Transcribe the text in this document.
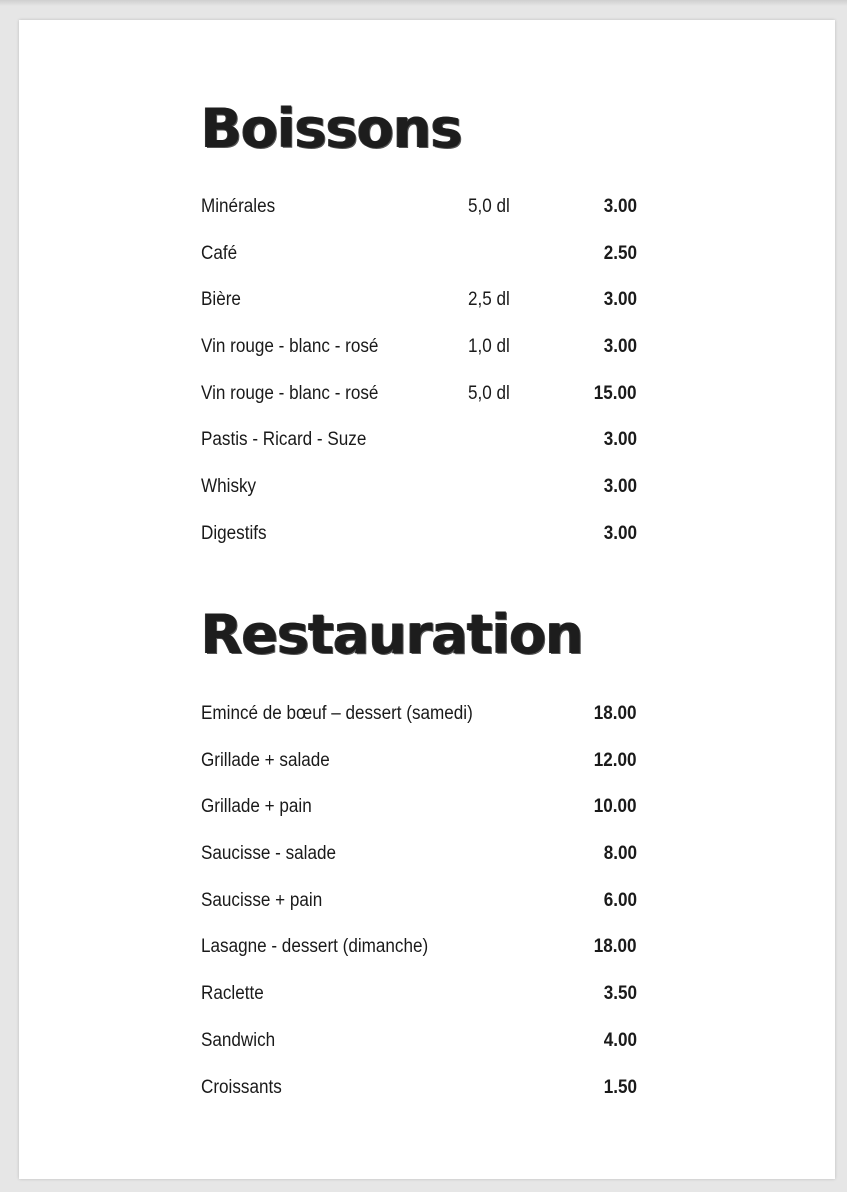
Boissons
Minérales	5,0 dl	3.00
Café	2.50
Bière	2,5 dl	3.00
Vin rouge - blanc - rosé	1,0 dl	3.00
Vin rouge - blanc - rosé	5,0 dl	15.00
Pastis - Ricard - Suze	3.00
Whisky	3.00
Digestifs	3.00
Restauration
Emincé de bœuf – dessert (samedi)	18.00
Grillade + salade	12.00
Grillade + pain	10.00
Saucisse - salade	8.00
Saucisse + pain	6.00
Lasagne - dessert (dimanche)	18.00
Raclette	3.50
Sandwich	4.00
Croissants	1.50
